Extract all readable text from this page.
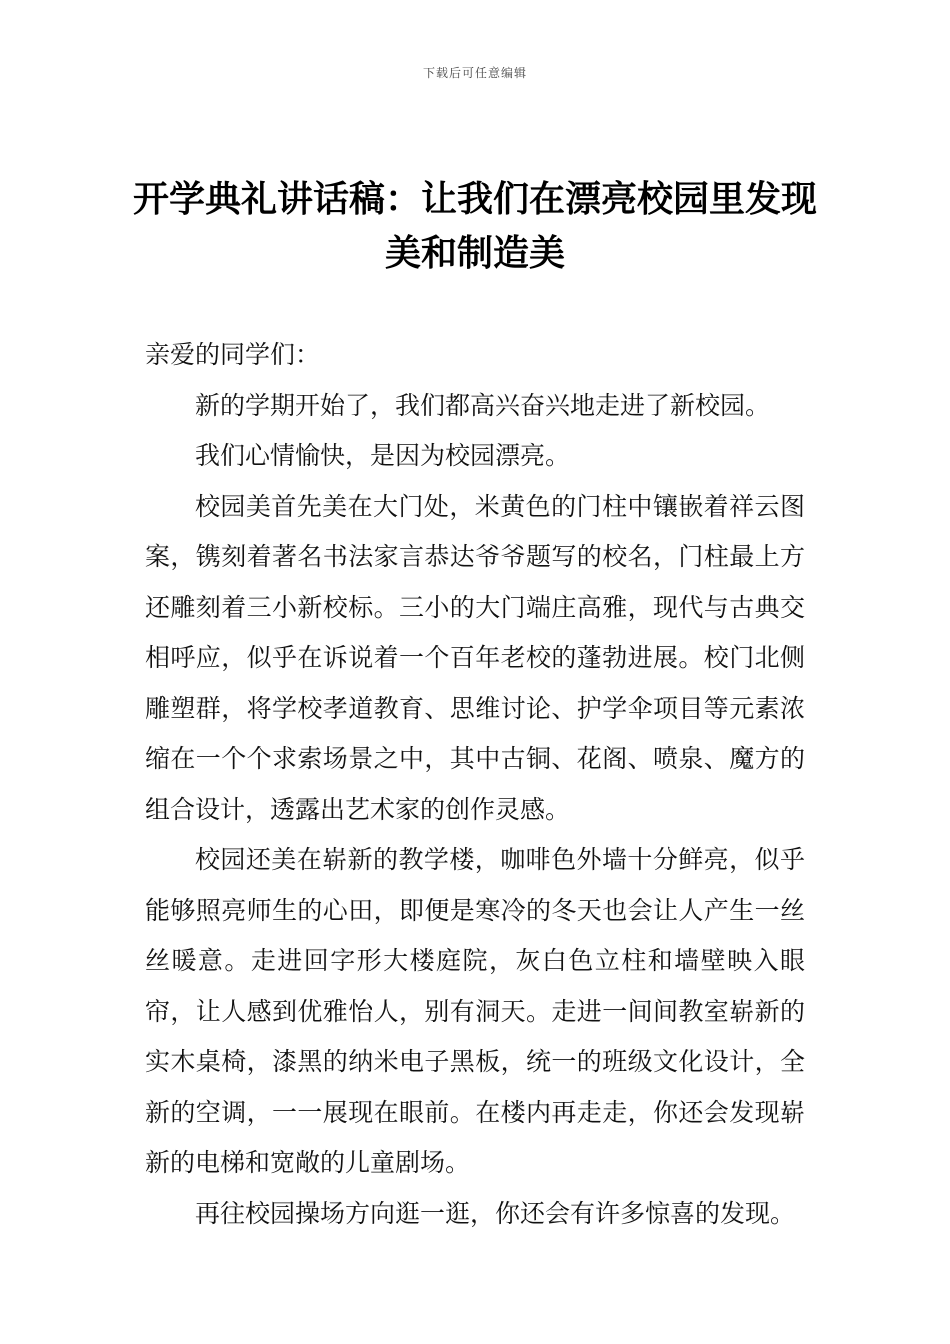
下载后可任意编辑
开学典礼讲话稿：让我们在漂亮校园里发现美和制造美

亲爱的同学们：

新的学期开始了，我们都高兴奋兴地走进了新校园。

我们心情愉快，是因为校园漂亮。

校园美首先美在大门处，米黄色的门柱中镶嵌着祥云图案，镌刻着著名书法家言恭达爷爷题写的校名，门柱最上方还雕刻着三小新校标。三小的大门端庄高雅，现代与古典交相呼应，似乎在诉说着一个百年老校的蓬勃进展。校门北侧雕塑群，将学校孝道教育、思维讨论、护学伞项目等元素浓缩在一个个求索场景之中，其中古铜、花阁、喷泉、魔方的组合设计，透露出艺术家的创作灵感。

校园还美在崭新的教学楼，咖啡色外墙十分鲜亮，似乎能够照亮师生的心田，即便是寒冷的冬天也会让人产生一丝丝暖意。走进回字形大楼庭院，灰白色立柱和墙壁映入眼帘，让人感到优雅怡人，别有洞天。走进一间间教室崭新的实木桌椅，漆黑的纳米电子黑板，统一的班级文化设计，全新的空调，一一展现在眼前。在楼内再走走，你还会发现崭新的电梯和宽敞的儿童剧场。

再往校园操场方向逛一逛，你还会有许多惊喜的发现。
